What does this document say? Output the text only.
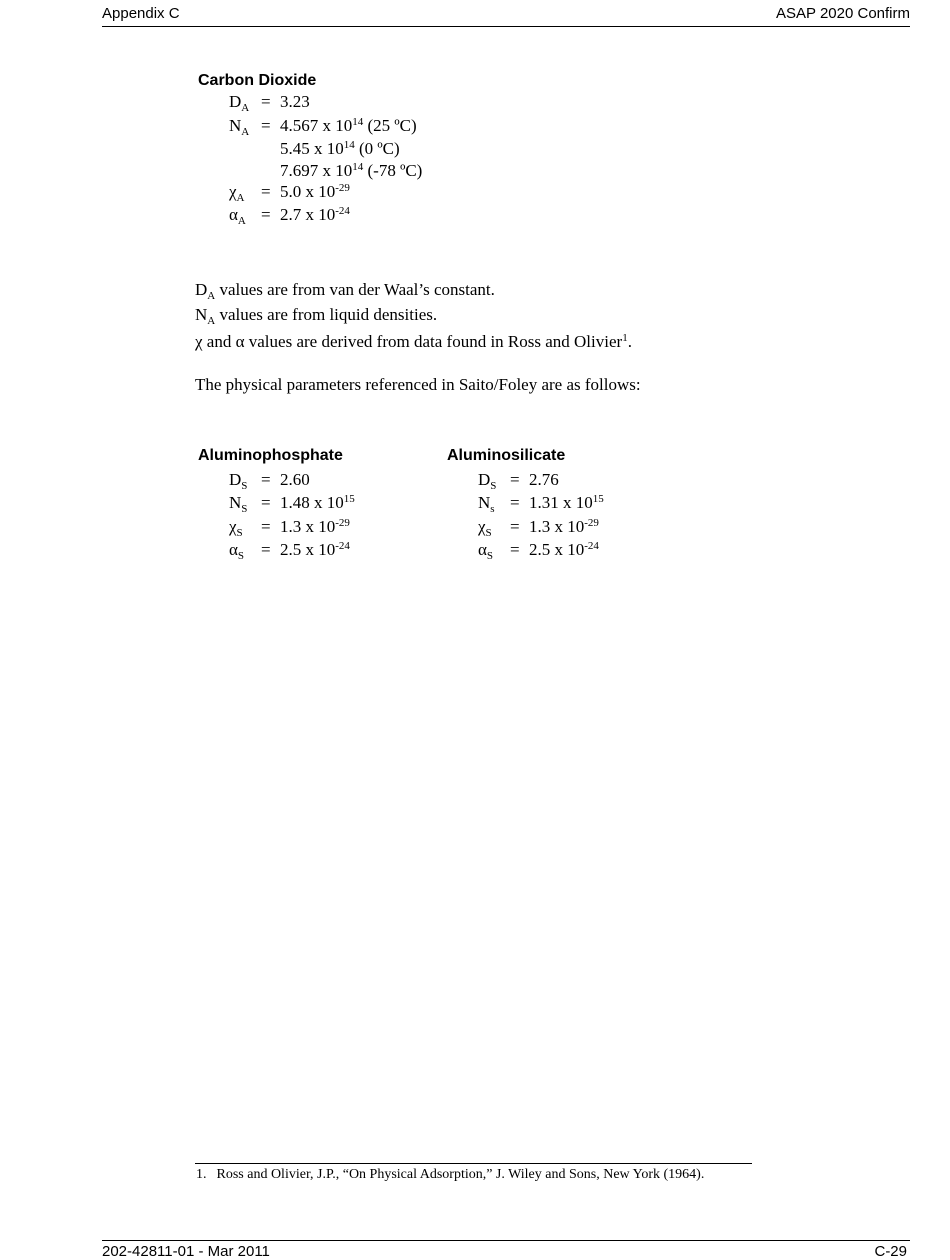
Appendix C	ASAP 2020 Confirm
Carbon Dioxide
$D_A = 3.23$
$N_A = 4.567$ x $10^{14}$ (25 ºC)
5.45 x $10^{14}$ (0 ºC)
7.697 x $10^{14}$ (-78 ºC)
$\chi_A = 5.0$ x $10^{-29}$
$\alpha_A = 2.7$ x $10^{-24}$
$D_A$ values are from van der Waal’s constant.
$N_A$ values are from liquid densities.
χ and α values are derived from data found in Ross and Olivier$^1$.
The physical parameters referenced in Saito/Foley are as follows:
Aluminophosphate
$D_S = 2.60$
$N_S = 1.48$ x $10^{15}$
$\chi_S = 1.3$ x $10^{-29}$
$\alpha_S = 2.5$ x $10^{-24}$
Aluminosilicate
$D_S = 2.76$
$N_s = 1.31$ x $10^{15}$
$\chi_S = 1.3$ x $10^{-29}$
$\alpha_S = 2.5$ x $10^{-24}$
1. Ross and Olivier, J.P., “On Physical Adsorption,” J. Wiley and Sons, New York (1964).
202-42811-01 - Mar 2011	C-29
